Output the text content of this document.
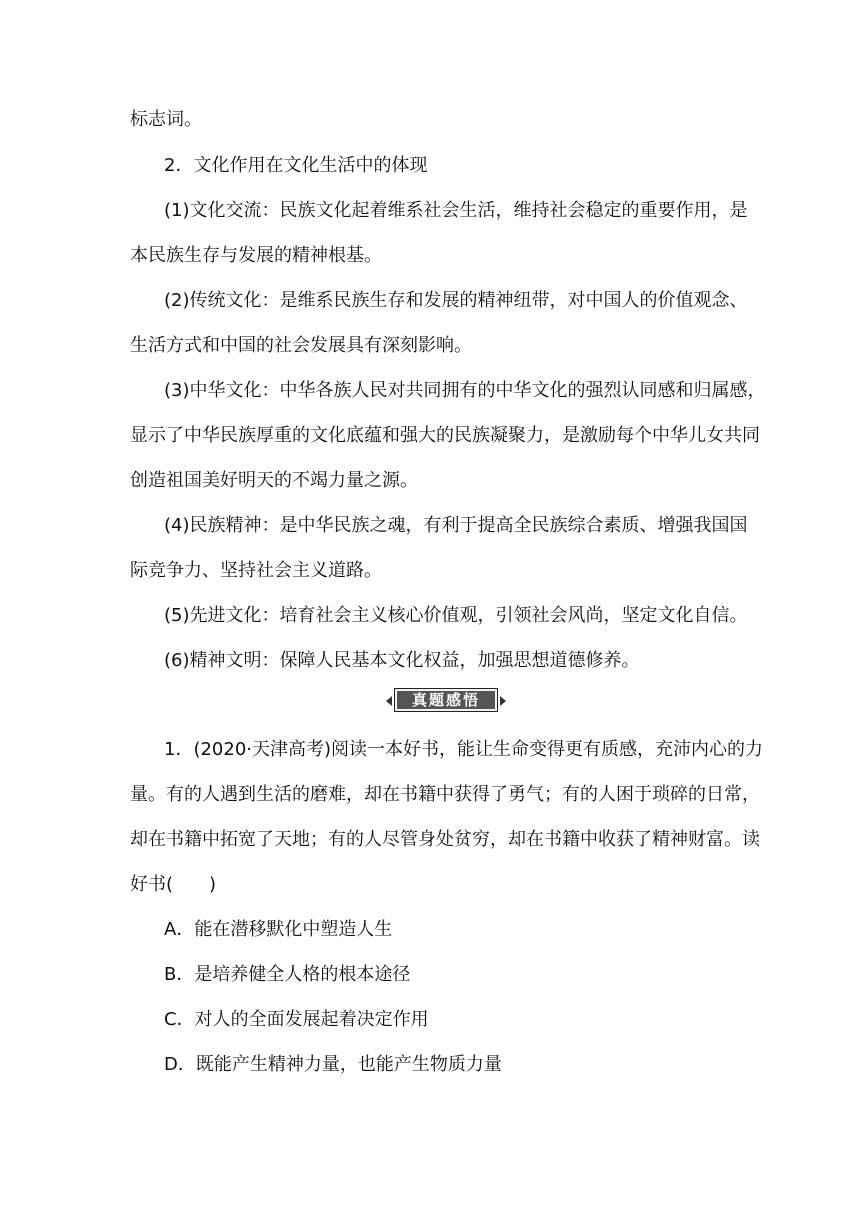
标志词。
2．文化作用在文化生活中的体现
(1)文化交流：民族文化起着维系社会生活，维持社会稳定的重要作用，是
本民族生存与发展的精神根基。
(2)传统文化：是维系民族生存和发展的精神纽带，对中国人的价值观念、
生活方式和中国的社会发展具有深刻影响。
(3)中华文化：中华各族人民对共同拥有的中华文化的强烈认同感和归属感，
显示了中华民族厚重的文化底蕴和强大的民族凝聚力，是激励每个中华儿女共同
创造祖国美好明天的不竭力量之源。
(4)民族精神：是中华民族之魂，有利于提高全民族综合素质、增强我国国
际竞争力、坚持社会主义道路。
(5)先进文化：培育社会主义核心价值观，引领社会风尚，坚定文化自信。
(6)精神文明：保障人民基本文化权益，加强思想道德修养。
真题感悟
1．(2020·天津高考)阅读一本好书，能让生命变得更有质感，充沛内心的力
量。有的人遇到生活的磨难，却在书籍中获得了勇气；有的人困于琐碎的日常，
却在书籍中拓宽了天地；有的人尽管身处贫穷，却在书籍中收获了精神财富。读
好书(　　)
A．能在潜移默化中塑造人生
B．是培养健全人格的根本途径
C．对人的全面发展起着决定作用
D．既能产生精神力量，也能产生物质力量
